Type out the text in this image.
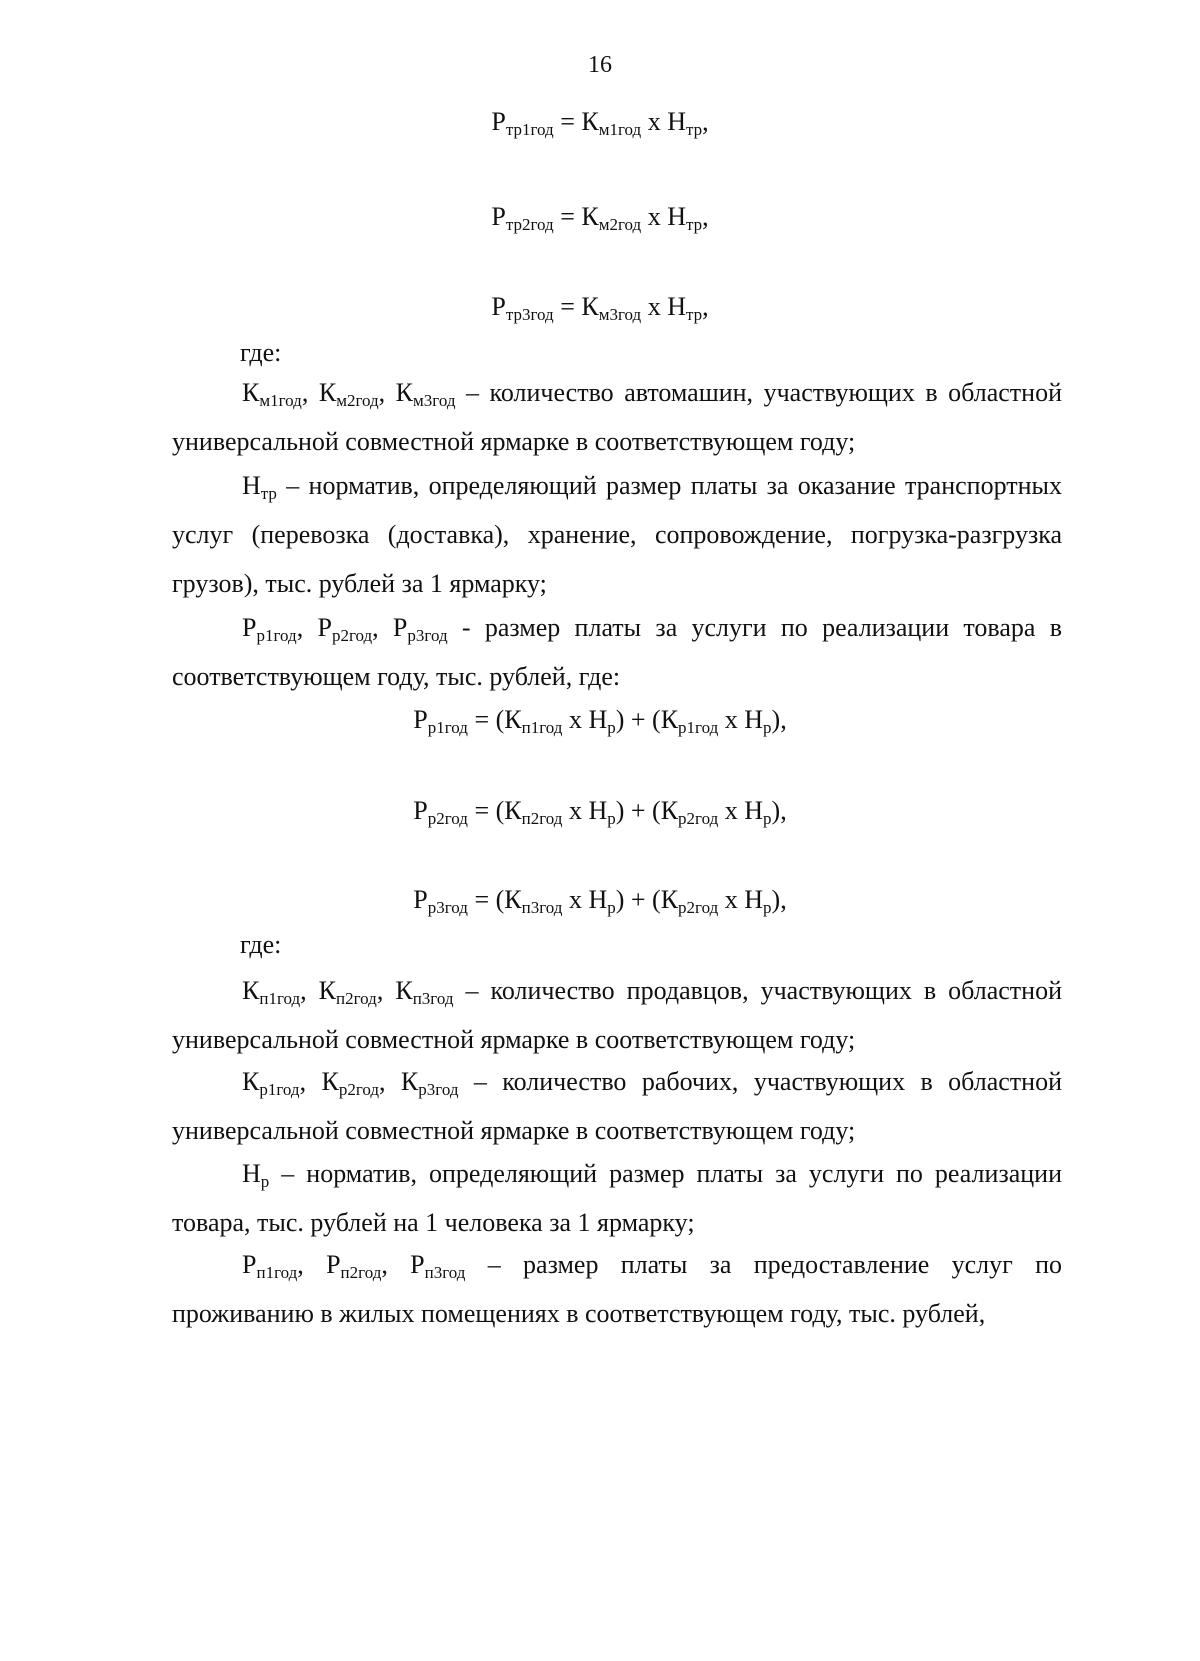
16
$Р_{тр1год} = К_{м1год}$ х $Н_{тр}$,
$Р_{тр2год} = К_{м2год}$ х $Н_{тр}$,
$Р_{тр3год} = К_{м3год}$ х $Н_{тр}$,
где:

$К_{м1год}$, $К_{м2год}$, $К_{м3год}$ – количество автомашин, участвующих в областной универсальной совместной ярмарке в соответствующем году;

$Н_{тр}$ – норматив, определяющий размер платы за оказание транспортных услуг (перевозка (доставка), хранение, сопровождение, погрузка-разгрузка грузов), тыс. рублей за 1 ярмарку;

$Р_{р1год}$, $Р_{р2год}$, $Р_{р3год}$ - размер платы за услуги по реализации товара в соответствующем году, тыс. рублей, где:

$Р_{р1год} = (К_{п1год}$ х $Н_р) + (К_{р1год}$ х $Н_р$),
$Р_{р2год} = (К_{п2год}$ х $Н_р) + (К_{р2год}$ х $Н_р$),
$Р_{р3год} = (К_{п3год}$ х $Н_р) + (К_{р2год}$ х $Н_р$),
где:

$К_{п1год}$, $К_{п2год}$, $К_{п3год}$ – количество продавцов, участвующих в областной универсальной совместной ярмарке в соответствующем году;

$К_{р1год}$, $К_{р2год}$, $К_{р3год}$ – количество рабочих, участвующих в областной универсальной совместной ярмарке в соответствующем году;

$Н_р$ – норматив, определяющий размер платы за услуги по реализации товара, тыс. рублей на 1 человека за 1 ярмарку;

$Р_{п1год}$, $Р_{п2год}$, $Р_{п3год}$ – размер платы за предоставление услуг по проживанию в жилых помещениях в соответствующем году, тыс. рублей,
